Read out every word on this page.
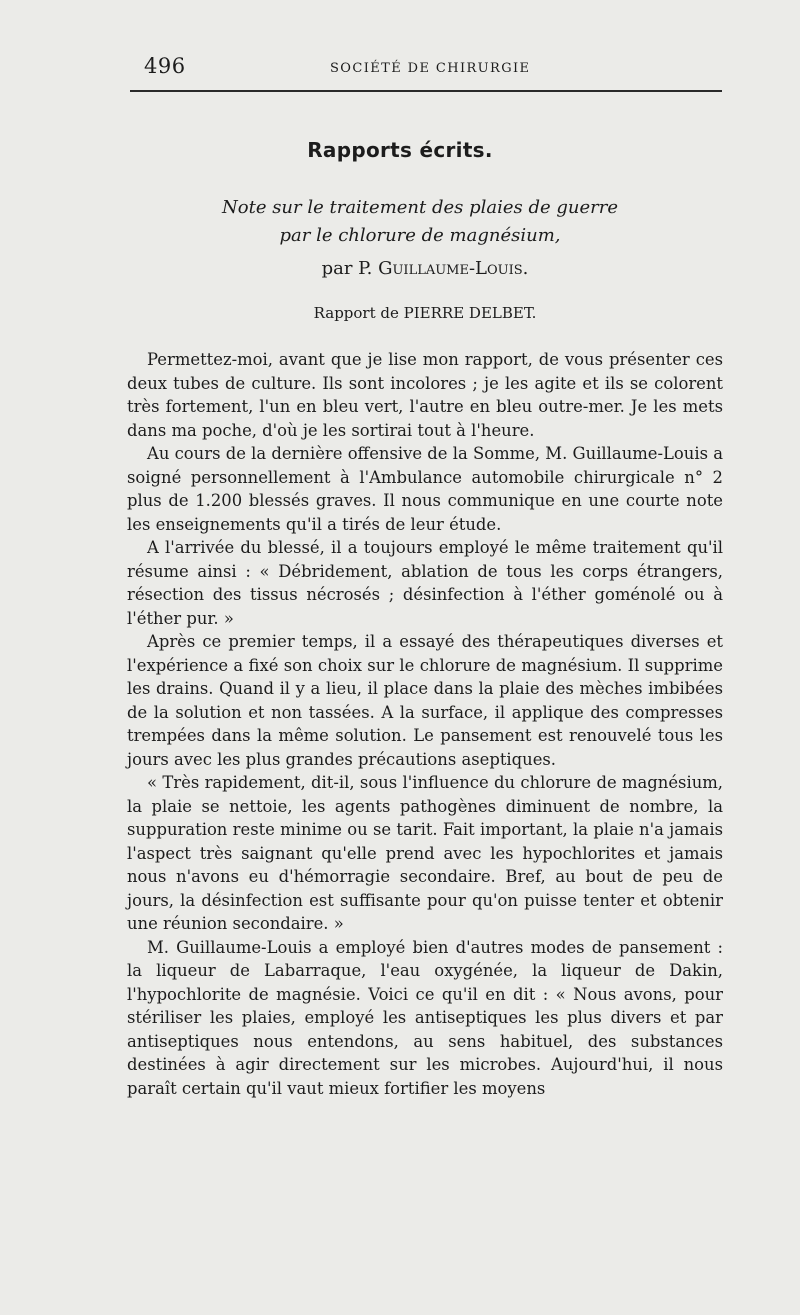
496	SOCIÉTÉ DE CHIRURGIE
Rapports écrits.
Note sur le traitement des plaies de guerre
par le chlorure de magnésium,
par P. Guillaume-Louis.
Rapport de PIERRE DELBET.

Permettez-moi, avant que je lise mon rapport, de vous présenter ces deux tubes de culture. Ils sont incolores ; je les agite et ils se colorent très fortement, l'un en bleu vert, l'autre en bleu outre-mer. Je les mets dans ma poche, d'où je les sortirai tout à l'heure.

Au cours de la dernière offensive de la Somme, M. Guillaume-Louis a soigné personnellement à l'Ambulance automobile chirurgicale n° 2 plus de 1.200 blessés graves. Il nous communique en une courte note les enseignements qu'il a tirés de leur étude.

A l'arrivée du blessé, il a toujours employé le même traitement qu'il résume ainsi : « Débridement, ablation de tous les corps étrangers, résection des tissus nécrosés ; désinfection à l'éther goménolé ou à l'éther pur. »

Après ce premier temps, il a essayé des thérapeutiques diverses et l'expérience a fixé son choix sur le chlorure de magnésium. Il supprime les drains. Quand il y a lieu, il place dans la plaie des mèches imbibées de la solution et non tassées. A la surface, il applique des compresses trempées dans la même solution. Le pansement est renouvelé tous les jours avec les plus grandes précautions aseptiques.

« Très rapidement, dit-il, sous l'influence du chlorure de magnésium, la plaie se nettoie, les agents pathogènes diminuent de nombre, la suppuration reste minime ou se tarit. Fait important, la plaie n'a jamais l'aspect très saignant qu'elle prend avec les hypochlorites et jamais nous n'avons eu d'hémorragie secondaire. Bref, au bout de peu de jours, la désinfection est suffisante pour qu'on puisse tenter et obtenir une réunion secondaire. »

M. Guillaume-Louis a employé bien d'autres modes de pansement : la liqueur de Labarraque, l'eau oxygénée, la liqueur de Dakin, l'hypochlorite de magnésie. Voici ce qu'il en dit : « Nous avons, pour stériliser les plaies, employé les antiseptiques les plus divers et par antiseptiques nous entendons, au sens habituel, des substances destinées à agir directement sur les microbes. Aujourd'hui, il nous paraît certain qu'il vaut mieux fortifier les moyens
